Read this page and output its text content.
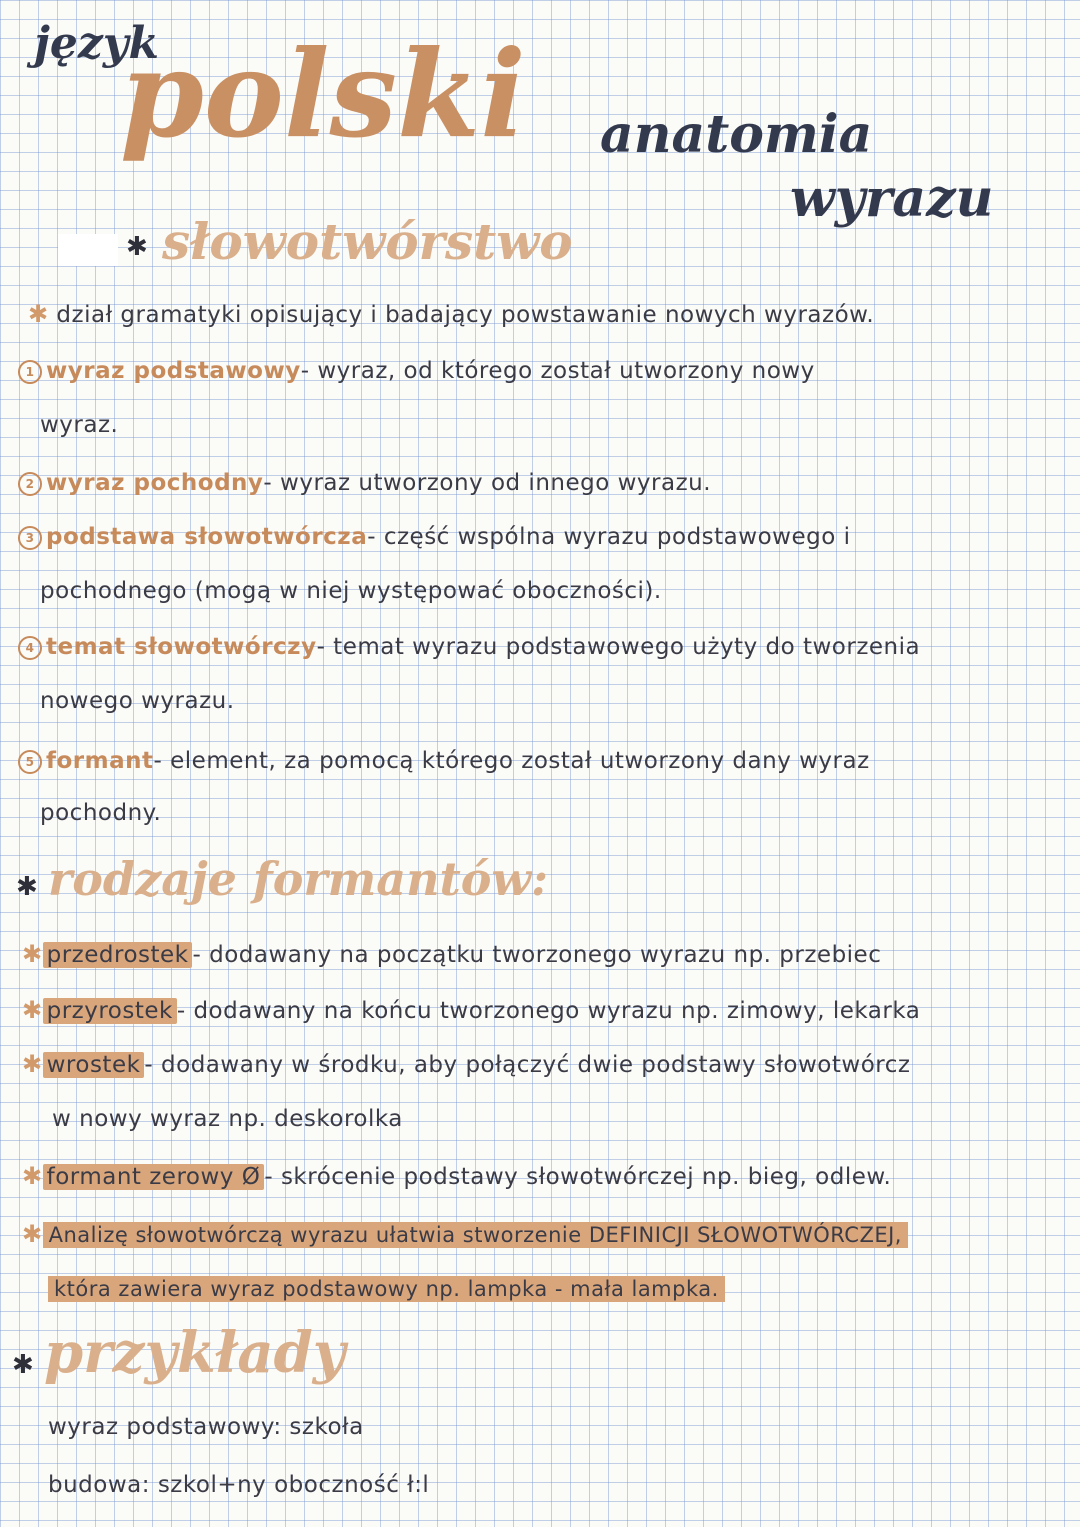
język
polski anatomia
wyrazu
✱ słowotwórstwo
✱ dział gramatyki opisujący i badający powstawanie nowych wyrazów.
1 wyraz podstawowy- wyraz, od którego został utworzony nowy
wyraz.
2 wyraz pochodny- wyraz utworzony od innego wyrazu.
3 podstawa słowotwórcza- część wspólna wyrazu podstawowego i
pochodnego (mogą w niej występować oboczności).
4 temat słowotwórczy- temat wyrazu podstawowego użyty do tworzenia
nowego wyrazu.
5 formant- element, za pomocą którego został utworzony dany wyraz
pochodny.
✱ rodzaje formantów:
✱ przedrostek - dodawany na początku tworzonego wyrazu np. przebiec
✱ przyrostek - dodawany na końcu tworzonego wyrazu np. zimowy, lekarka
✱ wrostek - dodawany w środku, aby połączyć dwie podstawy słowotwórcz
w nowy wyraz np. deskorolka
✱ formant zerowy Ø - skrócenie podstawy słowotwórczej np. bieg, odlew.
✱ Analizę słowotwórczą wyrazu ułatwia stworzenie DEFINICJI SŁOWOTWÓRCZEJ,
która zawiera wyraz podstawowy np. lampka - mała lampka.
✱ przykłady
wyraz podstawowy: szkoła
budowa: szkol+ny oboczność ł:l
